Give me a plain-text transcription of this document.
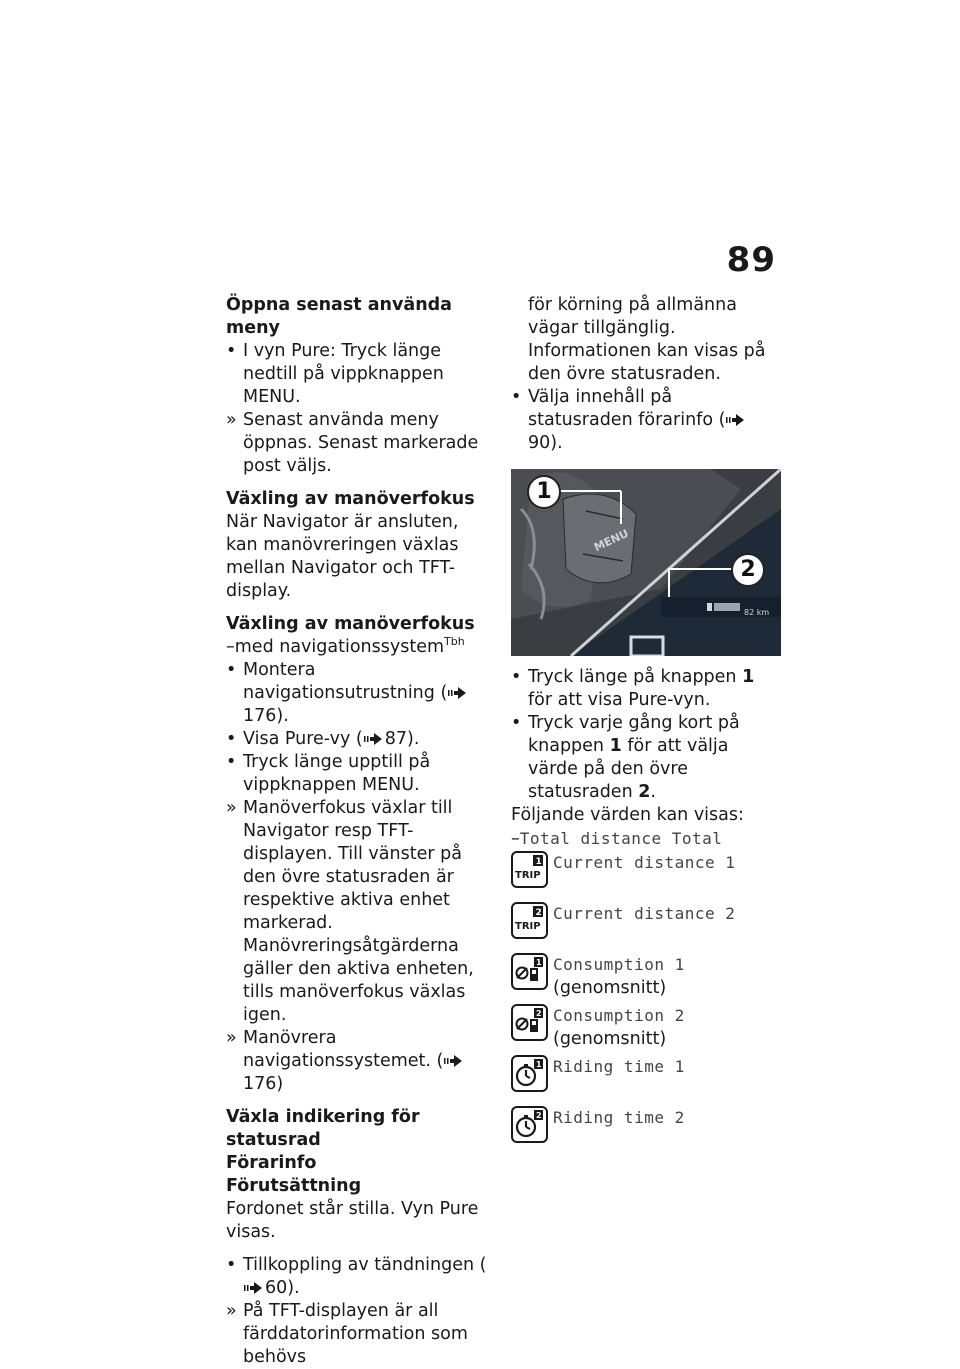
89
Öppna senast använda meny
• I vyn Pure: Tryck länge nedtill på vippknappen MENU.
» Senast använda meny öppnas. Senast markerade post väljs.
Växling av manöverfokus

När Navigator är ansluten, kan manövreringen växlas mellan Navigator och TFT-display.

Växling av manöverfokus
–med navigationssystem$^{Tbh}$
• Montera navigationsutrustning (176).
• Visa Pure-vy ( 87).
• Tryck länge upptill på vippknappen MENU.
» Manöverfokus växlar till Navigator resp TFT-displayen. Till vänster på den övre statusraden är respektive aktiva enhet markerad. Manövreringsåtgärderna gäller den aktiva enheten, tills manöverfokus växlas igen.
» Manövrera navigationssystemet. (176)
Växla indikering för statusrad
Förarinfo
Förutsättning

Fordonet står stilla. Vyn Pure visas.

• Tillkoppling av tändningen (60).
» På TFT-displayen är all färddatorinformation som behövs
för körning på allmänna vägar tillgänglig. Informationen kan visas på den övre statusraden.
• Välja innehåll på statusraden förarinfo (90).
MENU
82 km
1
2
• Tryck länge på knappen 1 för att visa Pure-vyn.
• Tryck varje gång kort på knappen 1 för att välja värde på den övre statusraden 2.
Följande värden kan visas:
–Total distance Total
TRIP
1 Current distance 1
TRIP
2 Current distance 2
1 Consumption 1 (genomsnitt)
2 Consumption 2 (genomsnitt)
1 Riding time 1
2 Riding time 2
